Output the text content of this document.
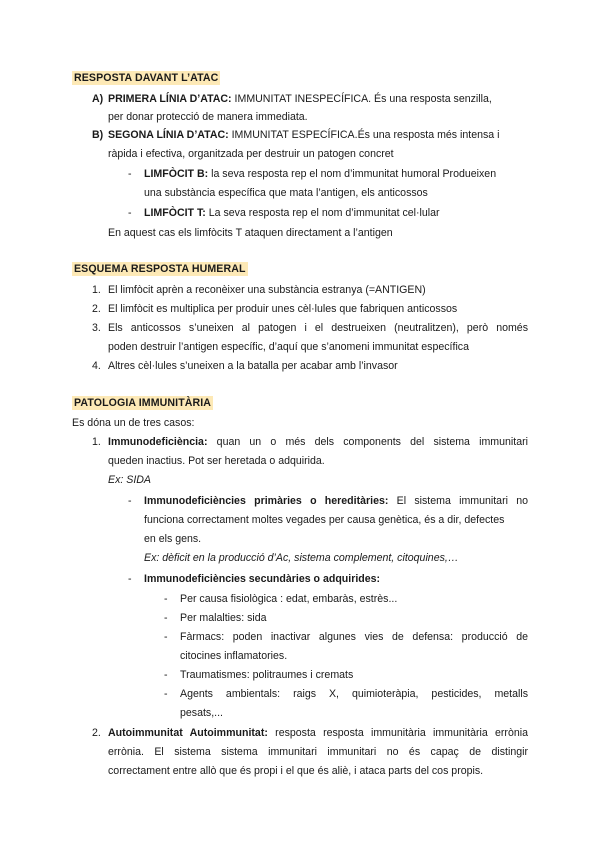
RESPOSTA DAVANT L’ATAC
A) PRIMERA LÍNIA D’ATAC: IMMUNITAT INESPECÍFICA. És una resposta senzilla,
per donar protecció de manera immediata.
B) SEGONA LÍNIA D’ATAC: IMMUNITAT ESPECÍFICA.És una resposta més intensa i
ràpida i efectiva, organitzada per destruir un patogen concret
- LIMFÒCIT B: la seva resposta rep el nom d’immunitat humoral Produeixen
una substància específica que mata l’antigen, els anticossos
- LIMFÒCIT T: La seva resposta rep el nom d’immunitat cel·lular
En aquest cas els limfòcits T ataquen directament a l’antigen
ESQUEMA RESPOSTA HUMERAL
1. El limfòcit aprèn a reconèixer una substància estranya (=ANTIGEN)
2. El limfòcit es multiplica per produir unes cèl·lules que fabriquen anticossos
3. Els anticossos s’uneixen al patogen i el destrueixen (neutralitzen), però només
poden destruir l’antigen específic, d’aquí que s’anomeni immunitat específica
4. Altres cèl·lules s’uneixen a la batalla per acabar amb l’invasor
PATOLOGIA IMMUNITÀRIA
Es dóna un de tres casos:
1. Immunodeficiència: quan un o més dels components del sistema immunitari
queden inactius. Pot ser heretada o adquirida.
Ex: SIDA
- Immunodeficiències primàries o hereditàries: El sistema immunitari no
funciona correctament moltes vegades per causa genètica, és a dir, defectes
en els gens.
Ex: dèficit en la producció d’Ac, sistema complement, citoquines,…
- Immunodeficiències secundàries o adquirides:
- Per causa fisiològica : edat, embaràs, estrès...
- Per malalties: sida
- Fàrmacs: poden inactivar algunes vies de defensa: producció de
citocines inflamatories.
- Traumatismes: politraumes i cremats
- Agents ambientals: raigs X, quimioteràpia, pesticides, metalls
pesats,...
2. Autoimmunitat Autoimmunitat: resposta resposta immunitària immunitària errònia
errònia. El sistema sistema immunitari immunitari no és capaç de distingir
correctament entre allò que és propi i el que és aliè, i ataca parts del cos propis.
